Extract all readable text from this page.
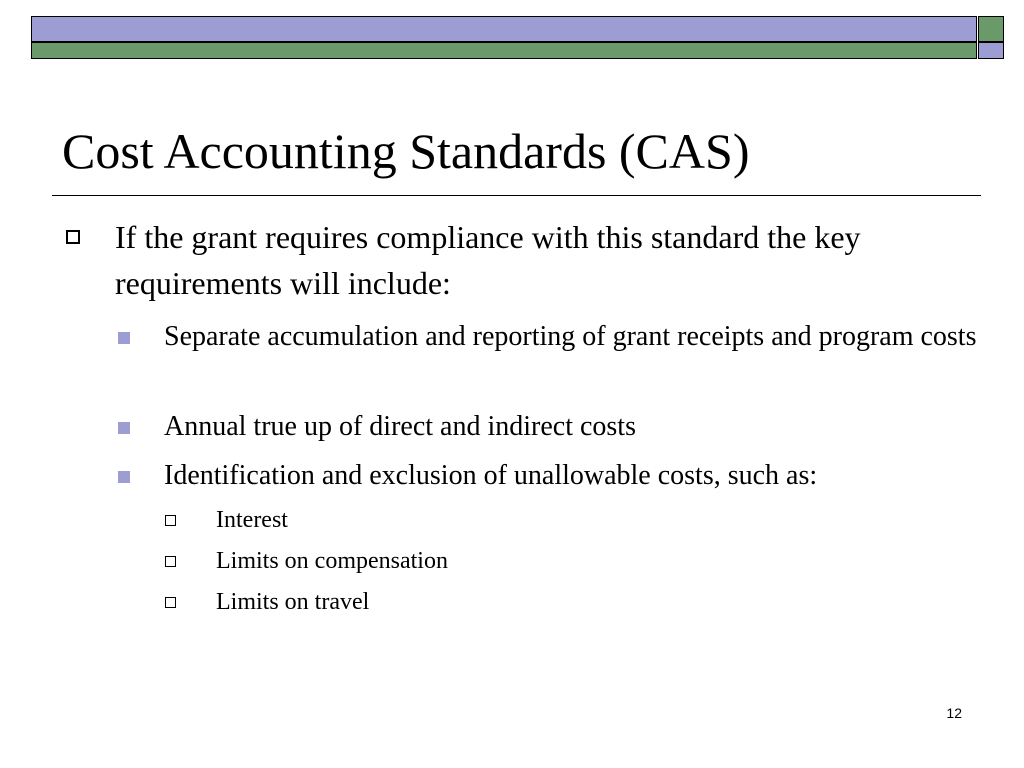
Cost Accounting Standards (CAS)
If the grant requires compliance with this standard the key requirements will include:
Separate accumulation and reporting of grant receipts and program costs
Annual true up of direct and indirect costs
Identification and exclusion of unallowable costs, such as:
Interest
Limits on compensation
Limits on travel
12
